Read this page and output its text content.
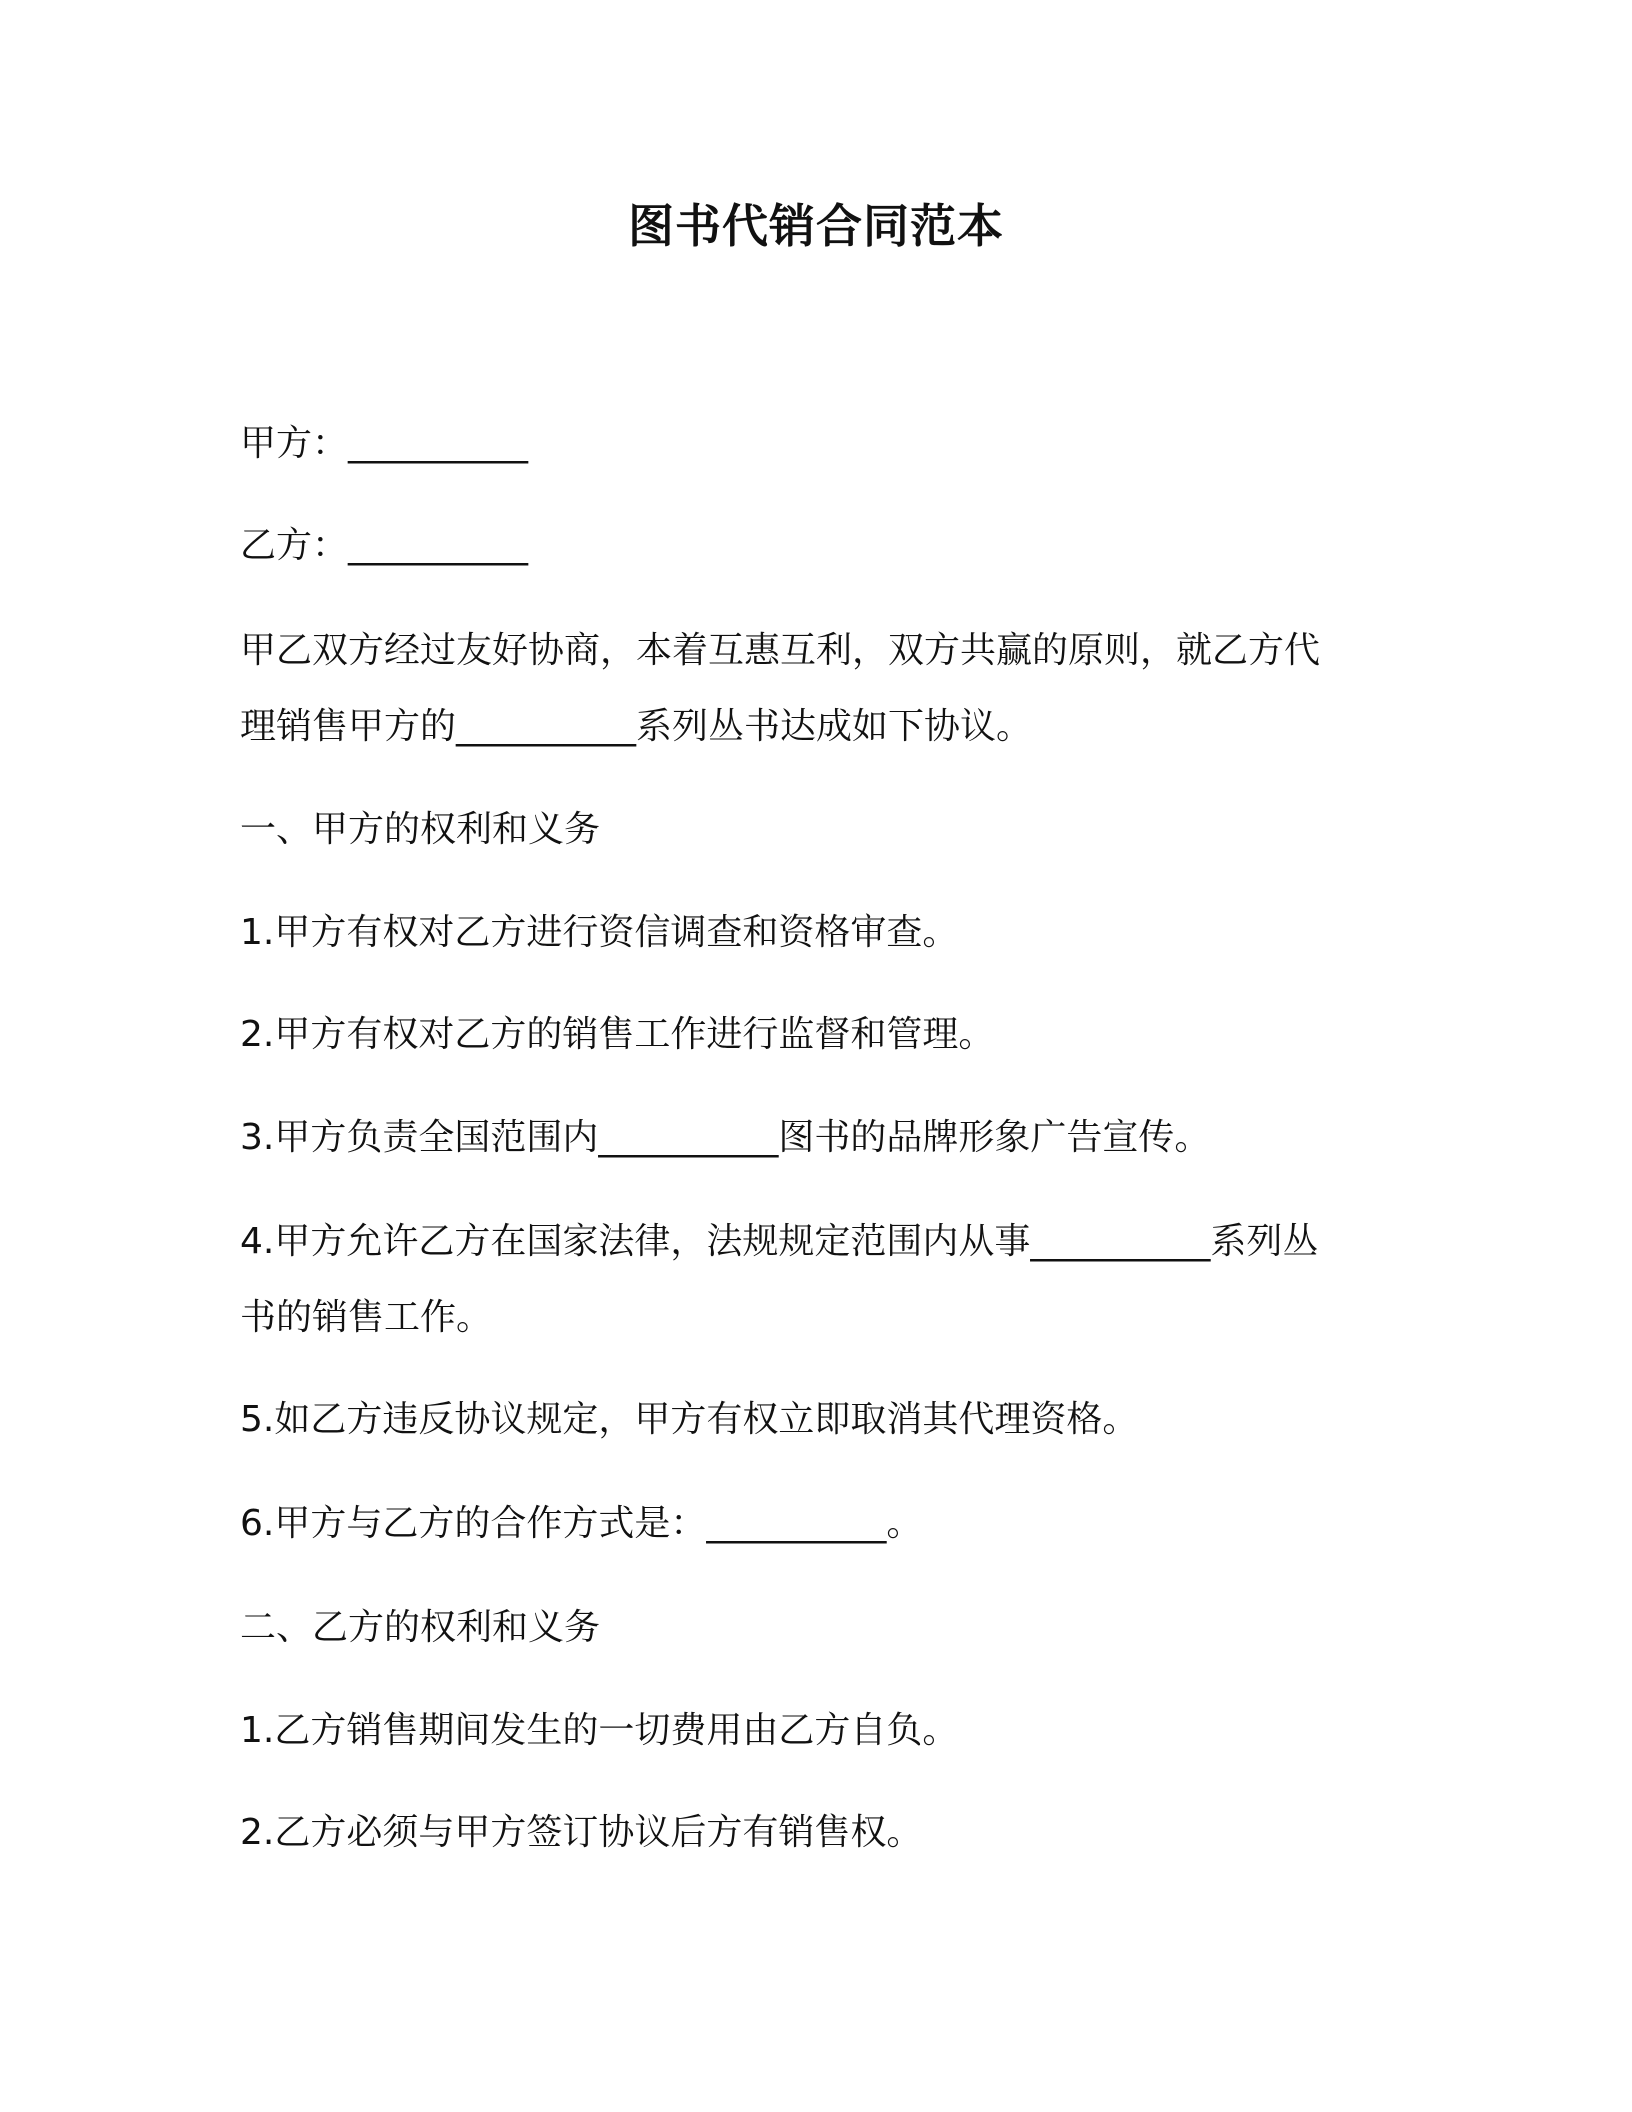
图书代销合同范本

甲方：__________

乙方：__________

甲乙双方经过友好协商，本着互惠互利，双方共赢的原则，就乙方代

理销售甲方的__________系列丛书达成如下协议。

一、甲方的权利和义务

1.甲方有权对乙方进行资信调查和资格审查。

2.甲方有权对乙方的销售工作进行监督和管理。

3.甲方负责全国范围内__________图书的品牌形象广告宣传。

4.甲方允许乙方在国家法律，法规规定范围内从事__________系列丛

书的销售工作。

5.如乙方违反协议规定，甲方有权立即取消其代理资格。

6.甲方与乙方的合作方式是：__________。

二、乙方的权利和义务

1.乙方销售期间发生的一切费用由乙方自负。

2.乙方必须与甲方签订协议后方有销售权。
